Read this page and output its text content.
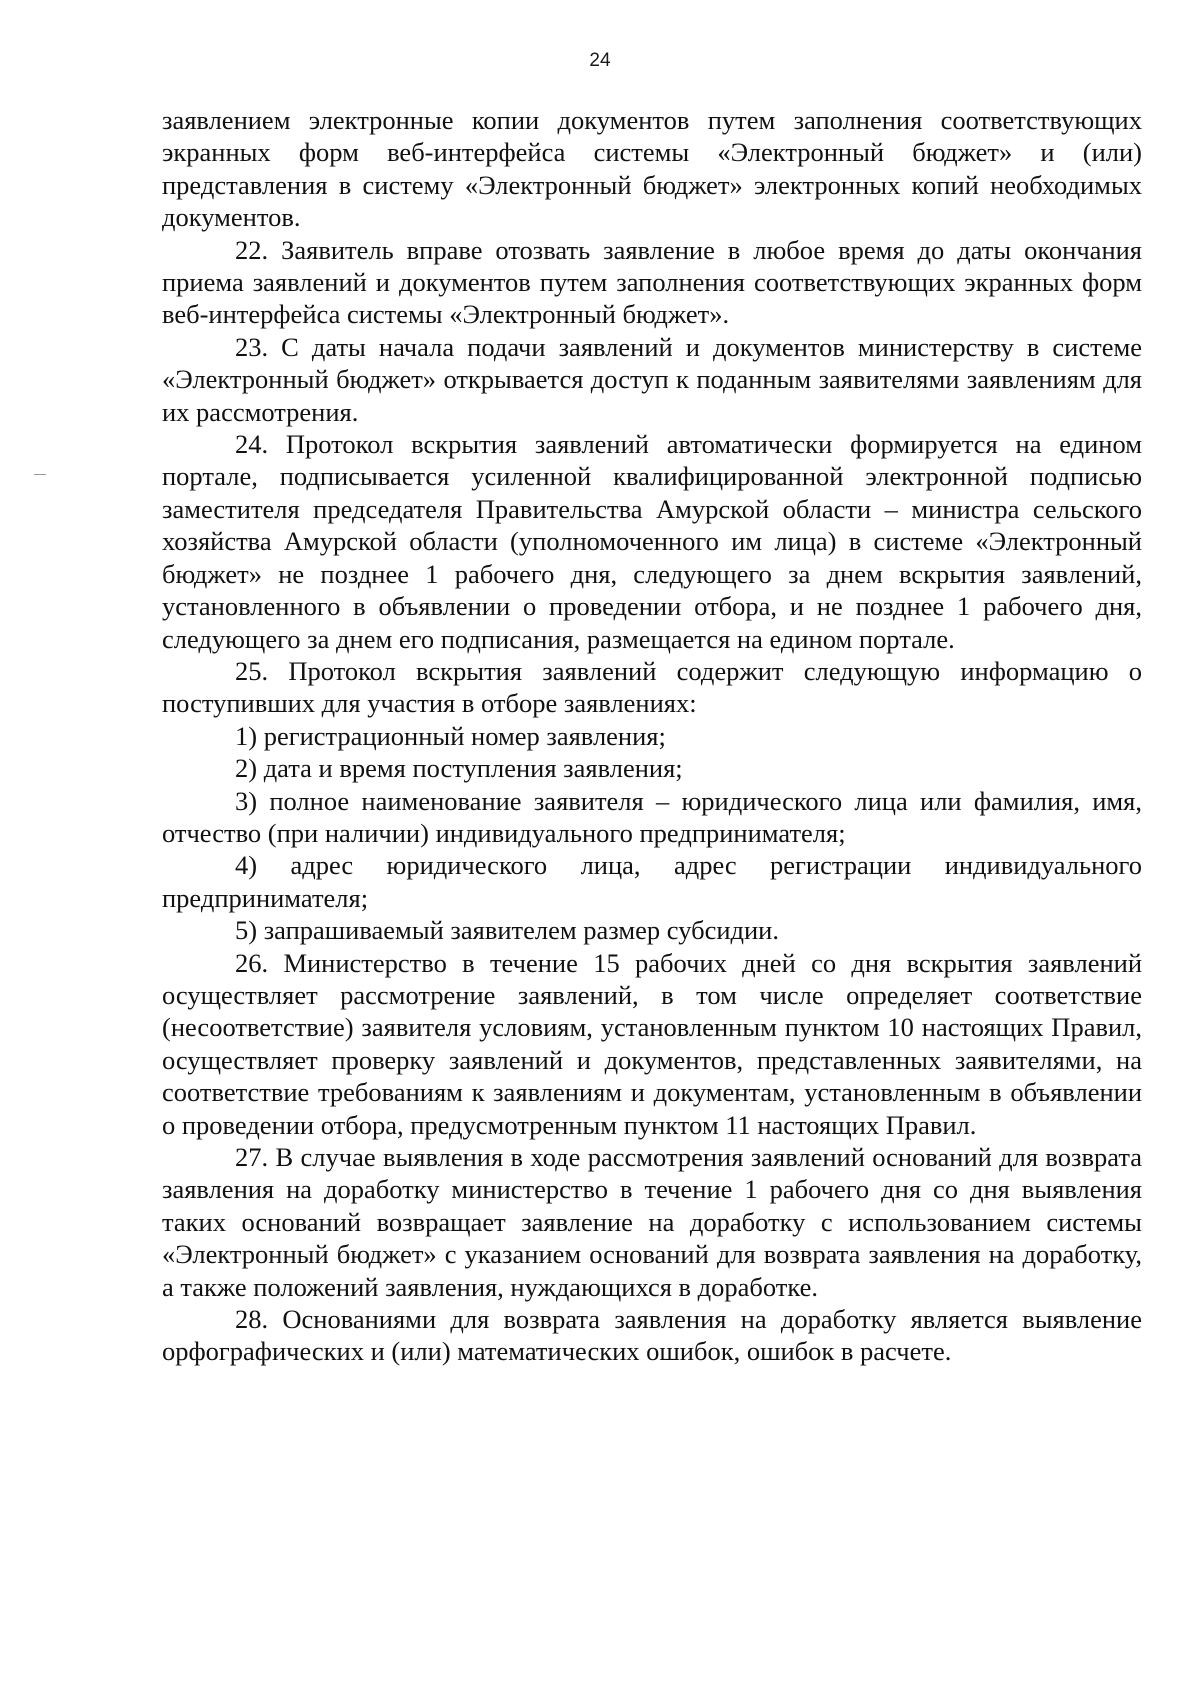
24

заявлением электронные копии документов путем заполнения соответствующих экранных форм веб-интерфейса системы «Электронный бюджет» и (или) представления в систему «Электронный бюджет» электронных копий необходимых документов.

22. Заявитель вправе отозвать заявление в любое время до даты окончания приема заявлений и документов путем заполнения соответствующих экранных форм веб-интерфейса системы «Электронный бюджет».

23. С даты начала подачи заявлений и документов министерству в системе «Электронный бюджет» открывается доступ к поданным заявителями заявлениям для их рассмотрения.

24. Протокол вскрытия заявлений автоматически формируется на едином портале, подписывается усиленной квалифицированной электронной подписью заместителя председателя Правительства Амурской области – министра сельского хозяйства Амурской области (уполномоченного им лица) в системе «Электронный бюджет» не позднее 1 рабочего дня, следующего за днем вскрытия заявлений, установленного в объявлении о проведении отбора, и не позднее 1 рабочего дня, следующего за днем его подписания, размещается на едином портале.

25. Протокол вскрытия заявлений содержит следующую информацию о поступивших для участия в отборе заявлениях:

1) регистрационный номер заявления;

2) дата и время поступления заявления;

3) полное наименование заявителя – юридического лица или фамилия, имя, отчество (при наличии) индивидуального предпринимателя;

4) адрес юридического лица, адрес регистрации индивидуального предпринимателя;

5) запрашиваемый заявителем размер субсидии.

26. Министерство в течение 15 рабочих дней со дня вскрытия заявлений осуществляет рассмотрение заявлений, в том числе определяет соответствие (несоответствие) заявителя условиям, установленным пунктом 10 настоящих Правил, осуществляет проверку заявлений и документов, представленных заявителями, на соответствие требованиям к заявлениям и документам, установленным в объявлении о проведении отбора, предусмотренным пунктом 11 настоящих Правил.

27. В случае выявления в ходе рассмотрения заявлений оснований для возврата заявления на доработку министерство в течение 1 рабочего дня со дня выявления таких оснований возвращает заявление на доработку с использованием системы «Электронный бюджет» с указанием оснований для возврата заявления на доработку, а также положений заявления, нуждающихся в доработке.

28. Основаниями для возврата заявления на доработку является выявление орфографических и (или) математических ошибок, ошибок в расчете.
